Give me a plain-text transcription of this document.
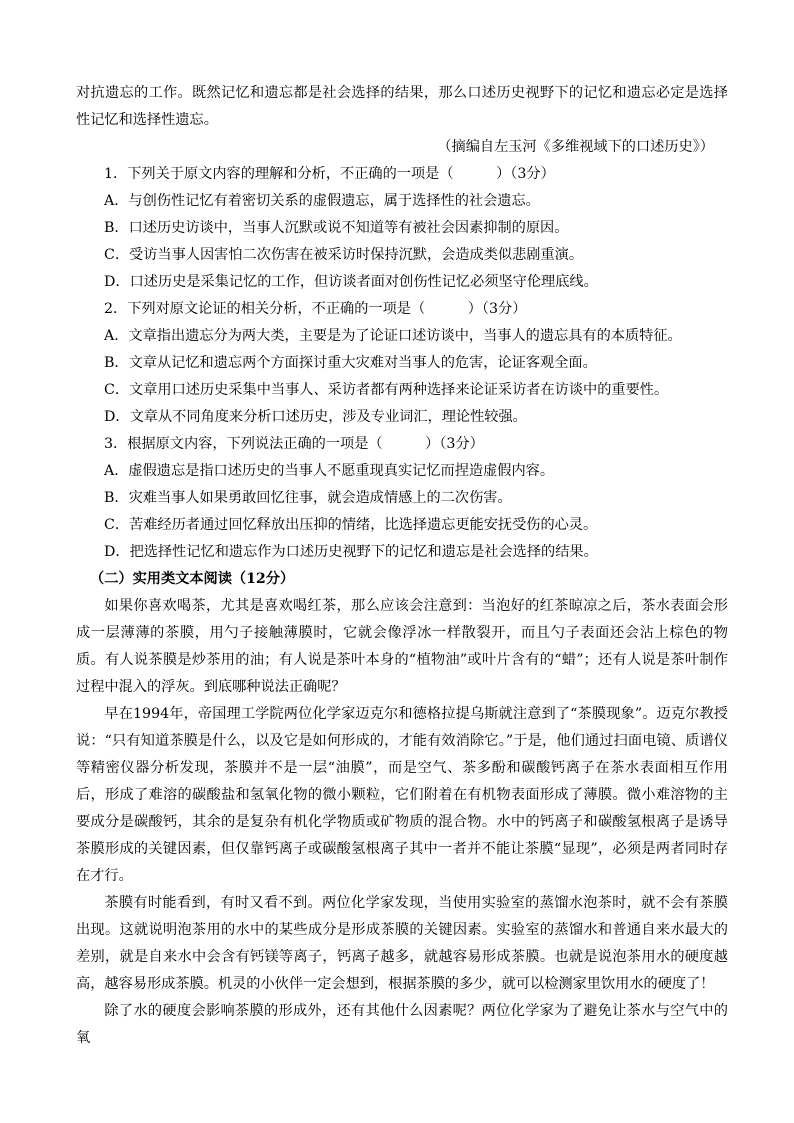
对抗遗忘的工作。既然记忆和遗忘都是社会选择的结果，那么口述历史视野下的记忆和遗忘必定是选择性记忆和选择性遗忘。

（摘编自左玉河《多维视域下的口述历史》）
1．下列关于原文内容的理解和分析，不正确的一项是（　　　）（3分）
A．与创伤性记忆有着密切关系的虚假遗忘，属于选择性的社会遗忘。
B．口述历史访谈中，当事人沉默或说不知道等有被社会因素抑制的原因。
C．受访当事人因害怕二次伤害在被采访时保持沉默，会造成类似悲剧重演。
D．口述历史是采集记忆的工作，但访谈者面对创伤性记忆必须坚守伦理底线。
2．下列对原文论证的相关分析，不正确的一项是（　　　）（3分）
A．文章指出遗忘分为两大类，主要是为了论证口述访谈中，当事人的遗忘具有的本质特征。
B．文章从记忆和遗忘两个方面探讨重大灾难对当事人的危害，论证客观全面。
C．文章用口述历史采集中当事人、采访者都有两种选择来论证采访者在访谈中的重要性。
D．文章从不同角度来分析口述历史，涉及专业词汇，理论性较强。
3．根据原文内容，下列说法正确的一项是（　　　）（3分）
A．虚假遗忘是指口述历史的当事人不愿重现真实记忆而捏造虚假内容。
B．灾难当事人如果勇敢回忆往事，就会造成情感上的二次伤害。
C．苦难经历者通过回忆释放出压抑的情绪，比选择遗忘更能安抚受伤的心灵。
D．把选择性记忆和遗忘作为口述历史视野下的记忆和遗忘是社会选择的结果。
（二）实用类文本阅读（12分）

如果你喜欢喝茶，尤其是喜欢喝红茶，那么应该会注意到：当泡好的红茶晾凉之后，茶水表面会形成一层薄薄的茶膜，用勺子接触薄膜时，它就会像浮冰一样散裂开，而且勺子表面还会沾上棕色的物质。有人说茶膜是炒茶用的油；有人说是茶叶本身的“植物油”或叶片含有的“蜡”；还有人说是茶叶制作过程中混入的浮灰。到底哪种说法正确呢？

早在1994年，帝国理工学院两位化学家迈克尔和德格拉提乌斯就注意到了“茶膜现象”。迈克尔教授说：“只有知道茶膜是什么，以及它是如何形成的，才能有效消除它。”于是，他们通过扫面电镜、质谱仪等精密仪器分析发现，茶膜并不是一层“油膜”，而是空气、茶多酚和碳酸钙离子在茶水表面相互作用后，形成了难溶的碳酸盐和氢氧化物的微小颗粒，它们附着在有机物表面形成了薄膜。微小难溶物的主要成分是碳酸钙，其余的是复杂有机化学物质或矿物质的混合物。水中的钙离子和碳酸氢根离子是诱导茶膜形成的关键因素，但仅靠钙离子或碳酸氢根离子其中一者并不能让茶膜“显现”，必须是两者同时存在才行。

茶膜有时能看到，有时又看不到。两位化学家发现，当使用实验室的蒸馏水泡茶时，就不会有茶膜出现。这就说明泡茶用的水中的某些成分是形成茶膜的关键因素。实验室的蒸馏水和普通自来水最大的差别，就是自来水中会含有钙镁等离子，钙离子越多，就越容易形成茶膜。也就是说泡茶用水的硬度越高，越容易形成茶膜。机灵的小伙伴一定会想到，根据茶膜的多少，就可以检测家里饮用水的硬度了！

除了水的硬度会影响茶膜的形成外，还有其他什么因素呢？两位化学家为了避免让茶水与空气中的氧
